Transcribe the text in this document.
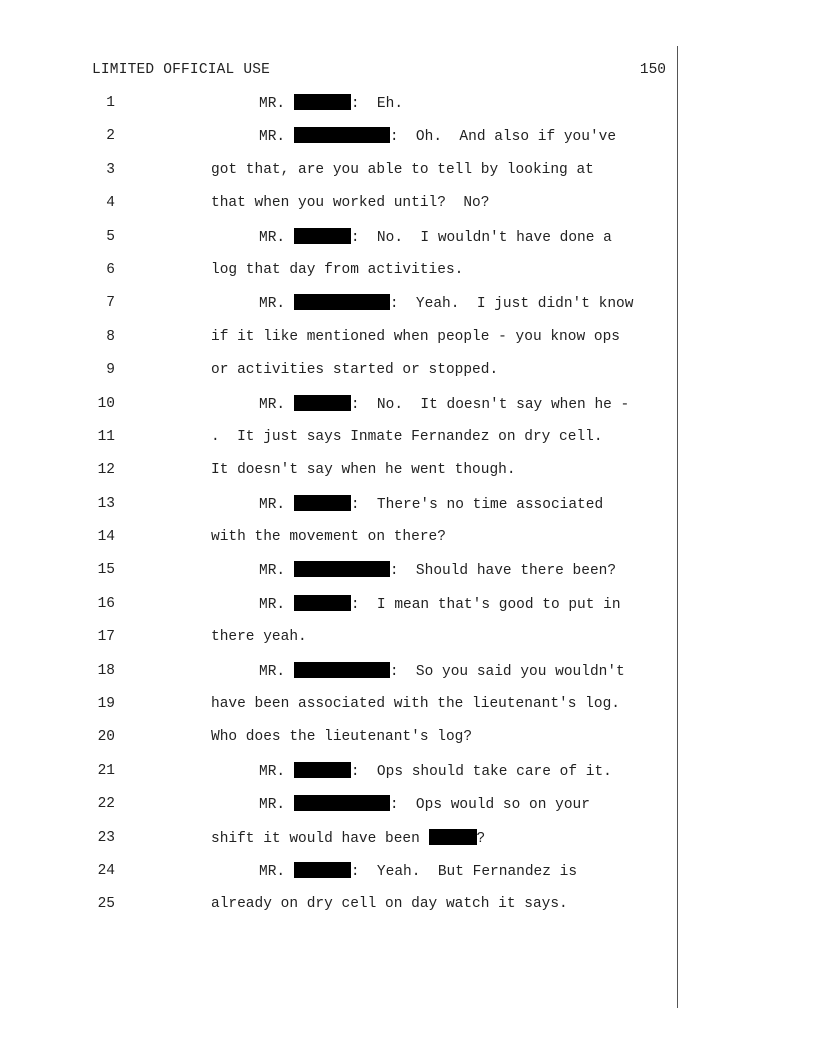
LIMITED OFFICIAL USE	150
1	MR.	:  Eh.
2	MR.	:  Oh.  And also if you've
3	got that, are you able to tell by looking at
4	that when you worked until?  No?
5	MR.	:  No.  I wouldn't have done a
6	log that day from activities.
7	MR.	:  Yeah.  I just didn't know
8	if it like mentioned when people - you know ops
9	or activities started or stopped.
10	MR.	:  No.  It doesn't say when he -
11	.  It just says Inmate Fernandez on dry cell.
12	It doesn't say when he went though.
13	MR.	:  There's no time associated
14	with the movement on there?
15	MR.	:  Should have there been?
16	MR.	:  I mean that's good to put in
17	there yeah.
18	MR.	:  So you said you wouldn't
19	have been associated with the lieutenant's log.
20	Who does the lieutenant's log?
21	MR.	:  Ops should take care of it.
22	MR.	:  Ops would so on your
23	shift it would have been	?
24	MR.	:  Yeah.  But Fernandez is
25	already on dry cell on day watch it says.
